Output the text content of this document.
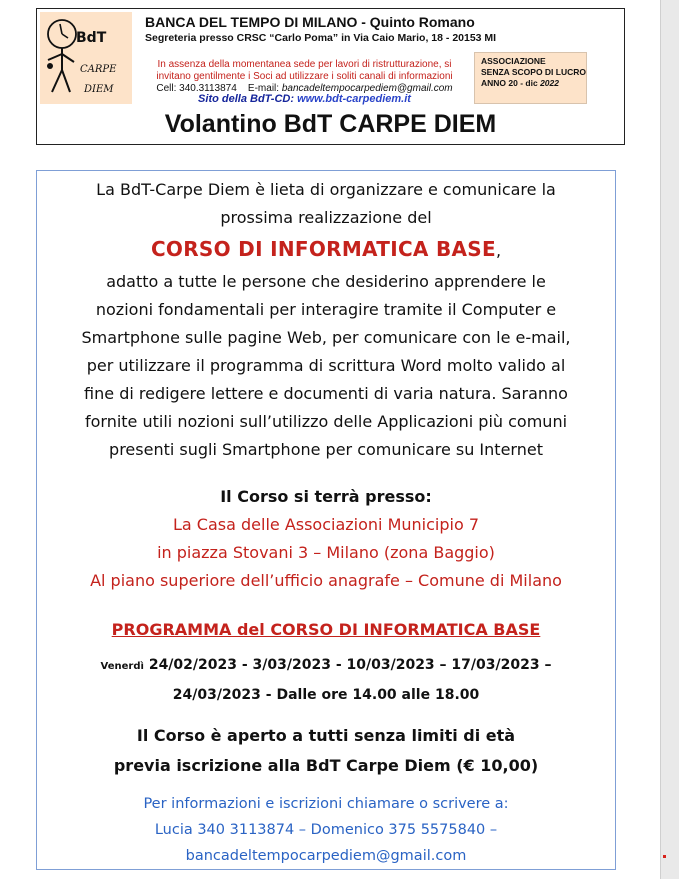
BdT
CARPE
DIEM
BANCA DEL TEMPO DI MILANO - Quinto Romano
Segreteria presso CRSC “Carlo Poma” in Via Caio Mario, 18 - 20153 MI
In assenza della momentanea sede per lavori di ristrutturazione, si
invitano gentilmente i Soci ad utilizzare i soliti canali di informazioni
Cell: 340.3113874 E-mail: bancadeltempocarpediem@gmail.com
ASSOCIAZIONE
SENZA SCOPO DI LUCRO
ANNO 20 - dic 2022
Sito della BdT-CD: www.bdt-carpediem.it
Volantino BdT CARPE DIEM
La BdT-Carpe Diem è lieta di organizzare e comunicare la
prossima realizzazione del
CORSO DI INFORMATICA BASE,
adatto a tutte le persone che desiderino apprendere le
nozioni fondamentali per interagire tramite il Computer e
Smartphone sulle pagine Web, per comunicare con le e-mail,
per utilizzare il programma di scrittura Word molto valido al
fine di redigere lettere e documenti di varia natura. Saranno
fornite utili nozioni sull’utilizzo delle Applicazioni più comuni
presenti sugli Smartphone per comunicare su Internet
Il Corso si terrà presso:
La Casa delle Associazioni Municipio 7
in piazza Stovani 3 – Milano (zona Baggio)
Al piano superiore dell’ufficio anagrafe – Comune di Milano
PROGRAMMA del CORSO DI INFORMATICA BASE
Venerdì 24/02/2023 - 3/03/2023 - 10/03/2023 – 17/03/2023 –
24/03/2023 - Dalle ore 14.00 alle 18.00
Il Corso è aperto a tutti senza limiti di età
previa iscrizione alla BdT Carpe Diem (€ 10,00)
Per informazioni e iscrizioni chiamare o scrivere a:
Lucia 340 3113874 – Domenico 375 5575840 –
bancadeltempocarpediem@gmail.com
